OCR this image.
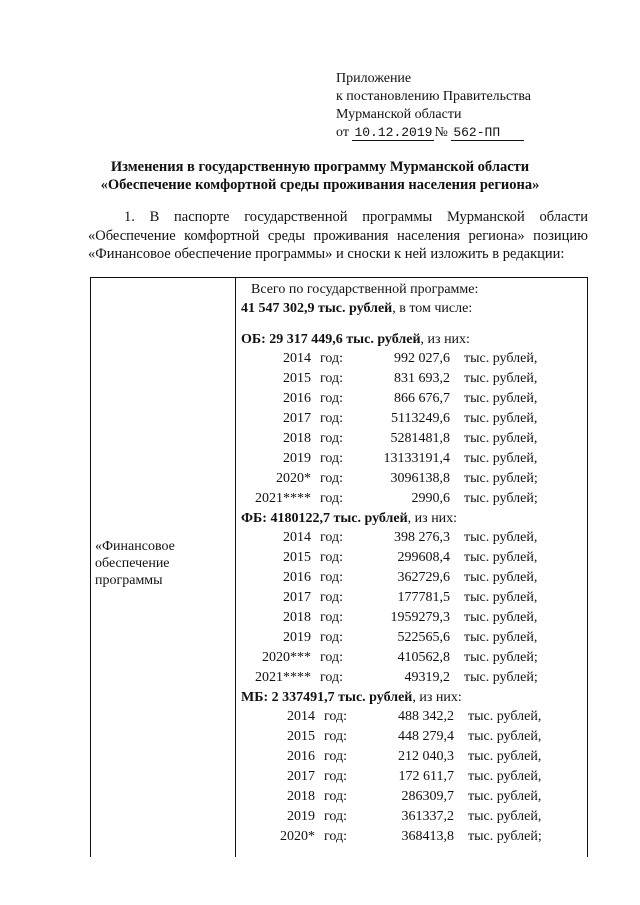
Приложение
к постановлению Правительства
Мурманской области
от 10.12.2019 № 562-ПП
Изменения в государственную программу Мурманской области
«Обеспечение комфортной среды проживания населения региона»

1. В паспорте государственной программы Мурманской области «Обеспечение комфортной среды проживания населения региона» позицию «Финансовое обеспечение программы» и сноски к ней изложить в редакции:

«Финансовое обеспечение программы
Всего по государственной программе:
41 547 302,9 тыс. рублей, в том числе:
ОБ: 29 317 449,6 тыс. рублей, из них:
2014 год:	992 027,6	тыс. рублей,
2015 год:	831 693,2	тыс. рублей,
2016 год:	866 676,7	тыс. рублей,
2017 год:	5113249,6	тыс. рублей,
2018 год:	5281481,8	тыс. рублей,
2019 год:	13133191,4	тыс. рублей,
2020* год:	3096138,8	тыс. рублей;
2021**** год:	2990,6	тыс. рублей;
ФБ: 4180122,7 тыс. рублей, из них:
2014 год:	398 276,3	тыс. рублей,
2015 год:	299608,4	тыс. рублей,
2016 год:	362729,6	тыс. рублей,
2017 год:	177781,5	тыс. рублей,
2018 год:	1959279,3	тыс. рублей,
2019 год:	522565,6	тыс. рублей,
2020*** год:	410562,8	тыс. рублей;
2021**** год:	49319,2	тыс. рублей;
МБ: 2 337491,7 тыс. рублей, из них:
2014 год:	488 342,2	тыс. рублей,
2015 год:	448 279,4	тыс. рублей,
2016 год:	212 040,3	тыс. рублей,
2017 год:	172 611,7	тыс. рублей,
2018 год:	286309,7	тыс. рублей,
2019 год:	361337,2	тыс. рублей,
2020* год:	368413,8	тыс. рублей;
